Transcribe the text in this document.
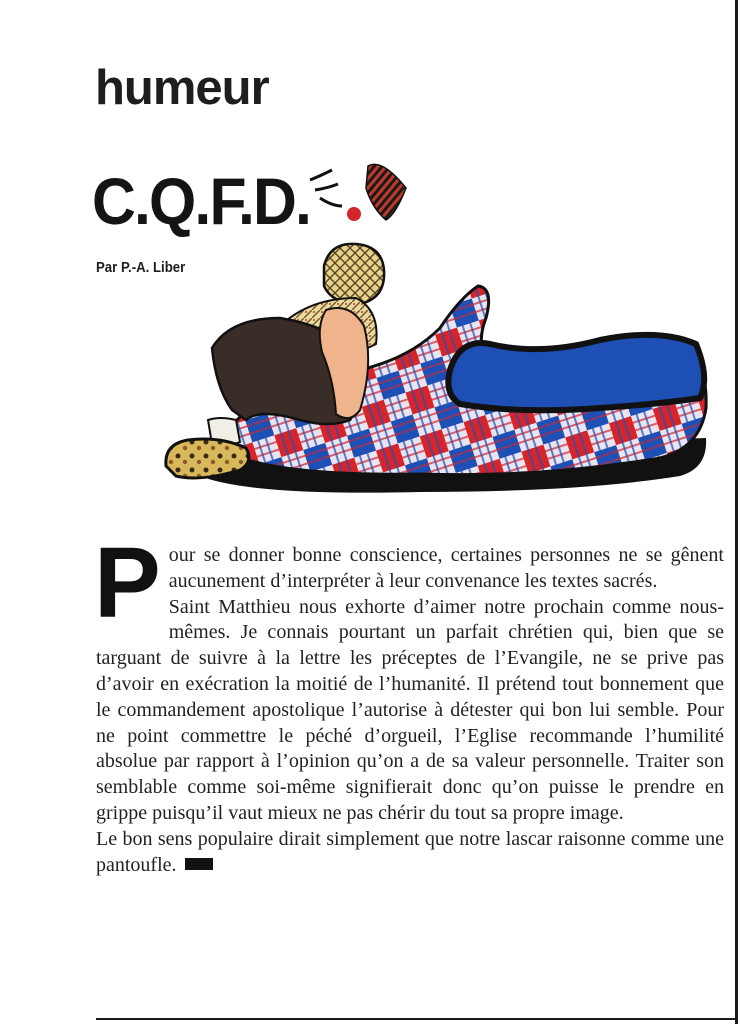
humeur
C.Q.F.D.
Par P.-A. Liber
P our se donner bonne conscience, certaines personnes ne se gênent aucunement d’interpréter à leur convenance les textes sacrés.

Saint Matthieu nous exhorte d’aimer notre prochain comme nous-mêmes. Je connais pourtant un parfait chrétien qui, bien que se targuant de suivre à la lettre les préceptes de l’Evangile, ne se prive pas d’avoir en exécration la moitié de l’humanité. Il prétend tout bonnement que le commandement apostolique l’autorise à détester qui bon lui semble. Pour ne point commettre le péché d’orgueil, l’Eglise recommande l’humilité absolue par rapport à l’opinion qu’on a de sa valeur personnelle. Traiter son semblable comme soi-même signifierait donc qu’on puisse le prendre en grippe puisqu’il vaut mieux ne pas chérir du tout sa propre image.

Le bon sens populaire dirait simplement que notre lascar raisonne comme une pantoufle.
